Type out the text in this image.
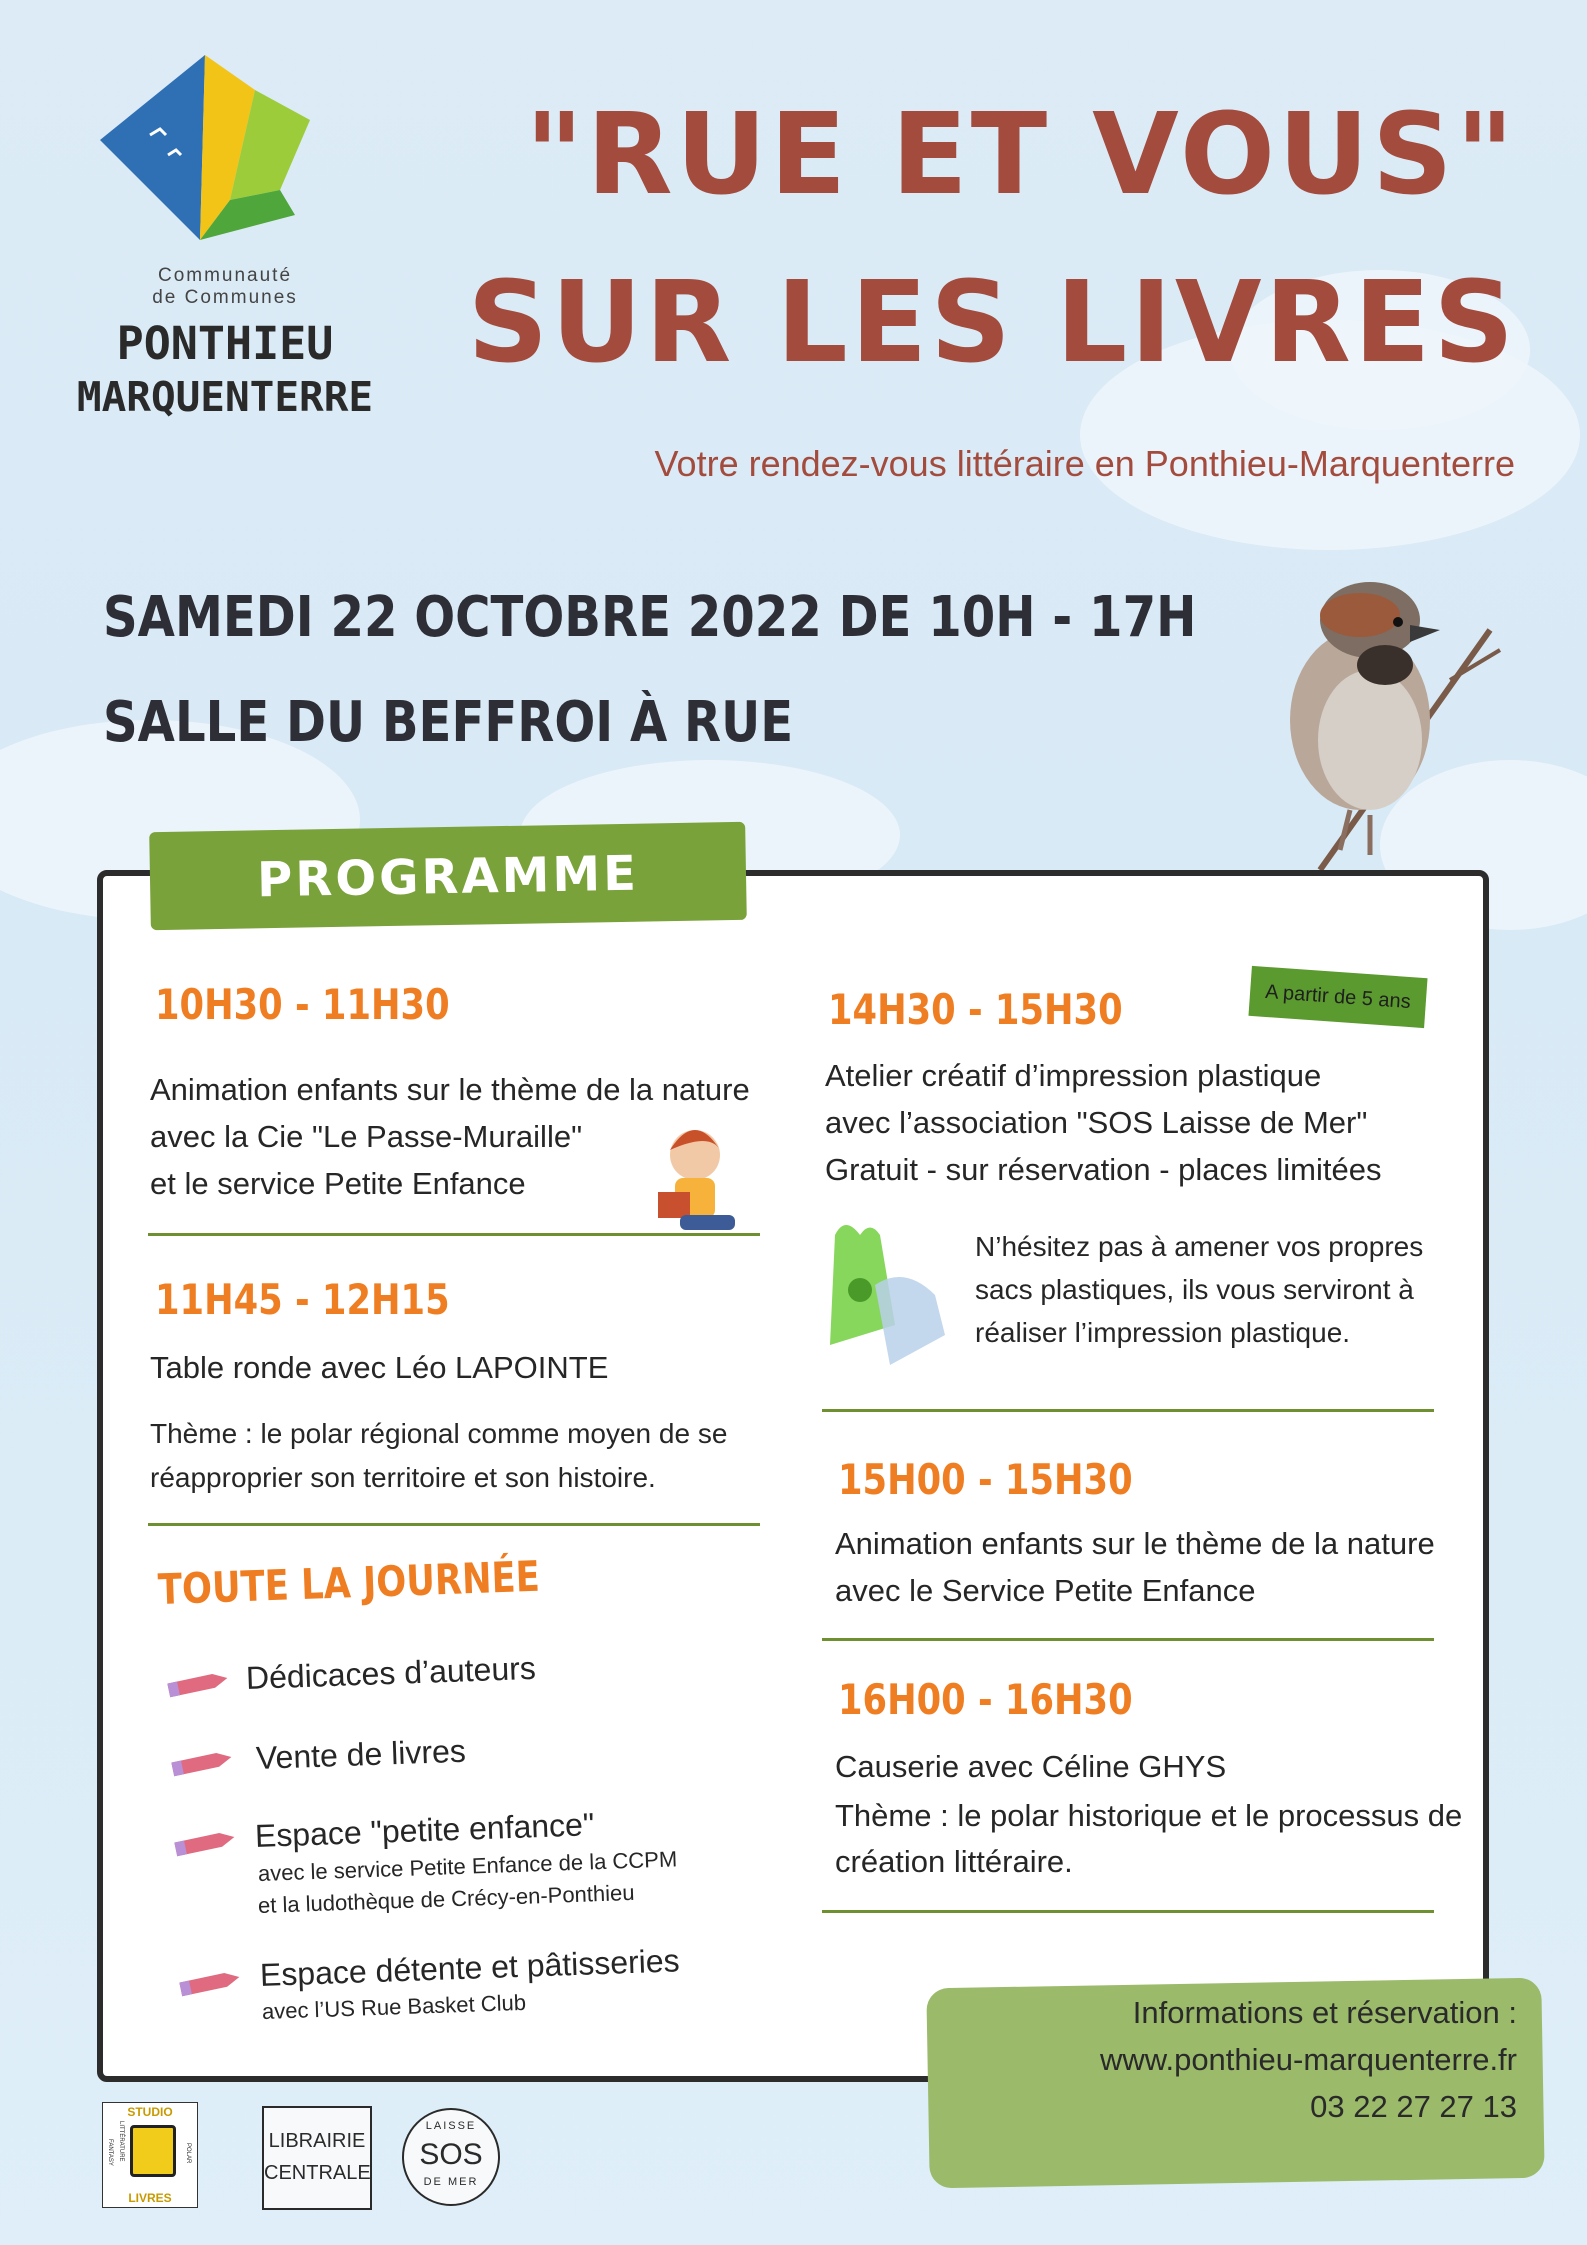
Communauté
de Communes
PONTHIEU
MARQUENTERRE
"RUE ET VOUS"
SUR LES LIVRES
Votre rendez-vous littéraire en Ponthieu-Marquenterre
SAMEDI 22 OCTOBRE 2022 DE 10H - 17H
SALLE DU BEFFROI À RUE
PROGRAMME
10H30 - 11H30
Animation enfants sur le thème de la nature
avec la Cie "Le Passe-Muraille"
et le service Petite Enfance
11H45 - 12H15
Table ronde avec Léo LAPOINTE
Thème : le polar régional comme moyen de se
réapproprier son territoire et son histoire.
TOUTE LA JOURNÉE
Dédicaces d’auteurs
Vente de livres
Espace "petite enfance"
avec le service Petite Enfance de la CCPM
et la ludothèque de Crécy-en-Ponthieu
Espace détente et pâtisseries
avec l’US Rue Basket Club
A partir de 5 ans
14H30 - 15H30
Atelier créatif d’impression plastique
avec l’association "SOS Laisse de Mer"
Gratuit - sur réservation - places limitées
N’hésitez pas à amener vos propres
sacs plastiques, ils vous serviront à
réaliser l’impression plastique.
15H00 - 15H30
Animation enfants sur le thème de la nature
avec le Service Petite Enfance
16H00 - 16H30
Causerie avec Céline GHYS
Thème : le polar historique et le processus de
création littéraire.
Informations et réservation :
www.ponthieu-marquenterre.fr
03 22 27 27 13
STUDIO
LIVRES
FANTASY LITTÉRATURE	POLAR
LIBRAIRIE
CENTRALE
LAISSE
SOS
DE MER
